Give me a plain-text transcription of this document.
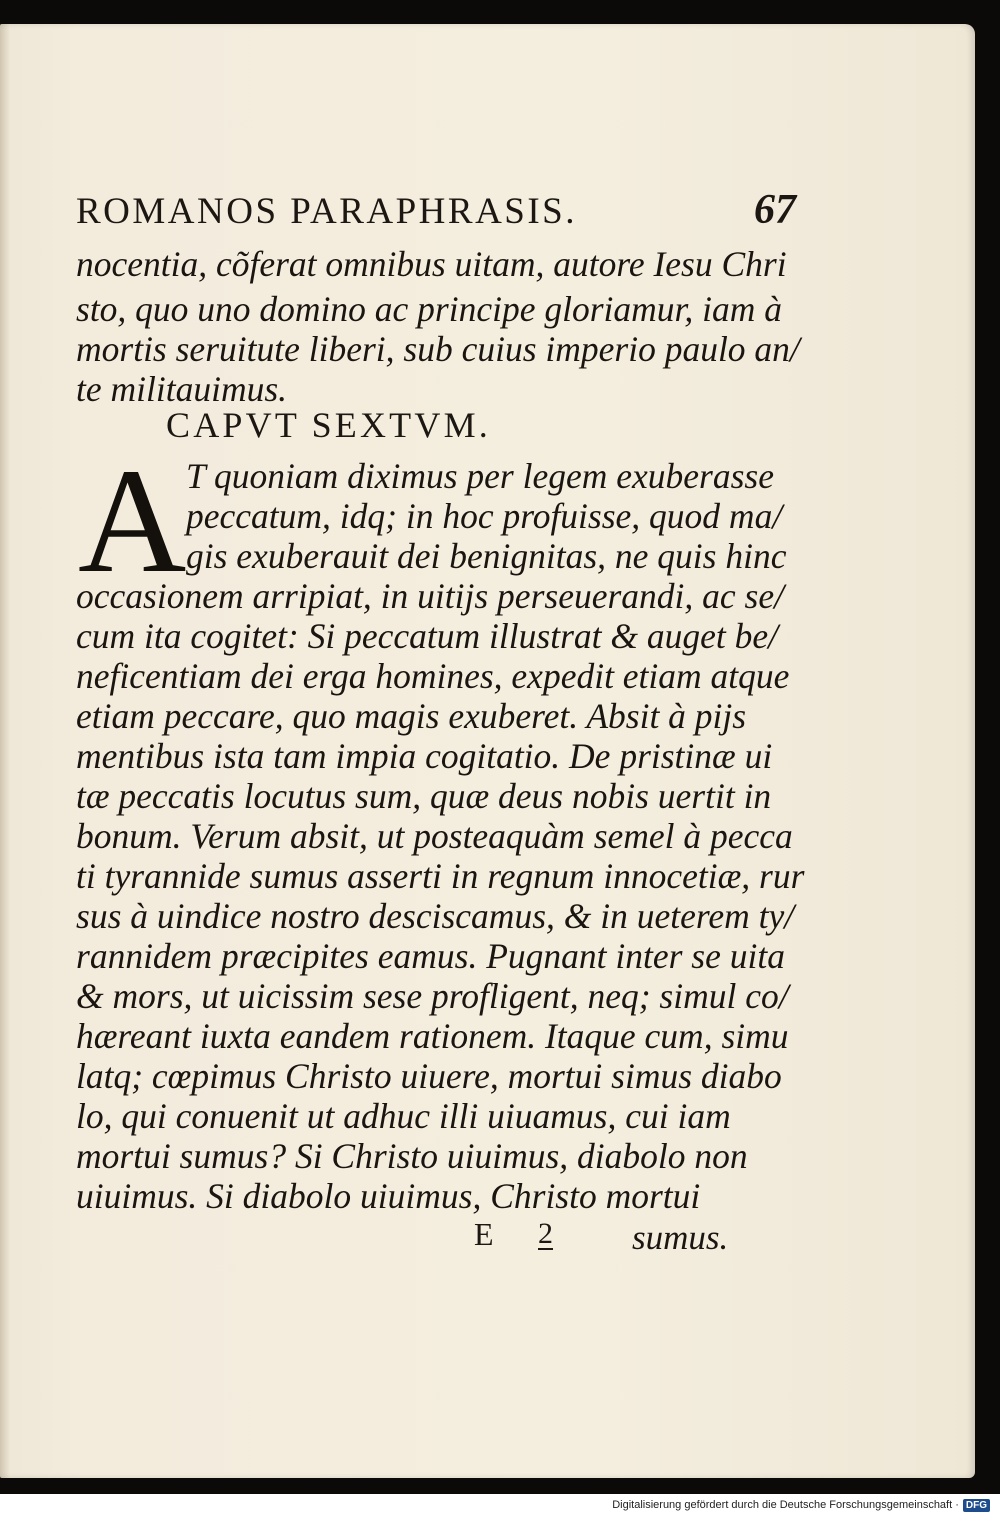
ROMANOS PARAPHRASIS.	67
nocentia, cõferat omnibus uitam, autore Iesu Chri
sto, quo uno domino ac principe gloriamur, iam à
mortis seruitute liberi, sub cuius imperio paulo an/
te militauimus.
CAPVT SEXTVM.
A T quoniam diximus per legem exuberasse
peccatum, idq; in hoc profuisse, quod ma/
gis exuberauit dei benignitas, ne quis hinc
occasionem arripiat, in uitijs perseuerandi, ac se/
cum ita cogitet: Si peccatum illustrat & auget be/
neficentiam dei erga homines, expedit etiam atque
etiam peccare, quo magis exuberet. Absit à pijs
mentibus ista tam impia cogitatio. De pristinæ ui
tæ peccatis locutus sum, quæ deus nobis uertit in
bonum. Verum absit, ut posteaquàm semel à pecca
ti tyrannide sumus asserti in regnum innocetiæ, rur
sus à uindice nostro desciscamus, & in ueterem ty/
rannidem præcipites eamus. Pugnant inter se uita
& mors, ut uicissim sese profligent, neq; simul co/
hæreant iuxta eandem rationem. Itaque cum, simu
latq; cœpimus Christo uiuere, mortui simus diabo
lo, qui conuenit ut adhuc illi uiuamus, cui iam
mortui sumus? Si Christo uiuimus, diabolo non
uiuimus. Si diabolo uiuimus, Christo mortui
E 2 sumus.
Digitalisierung gefördert durch die Deutsche Forschungsgemeinschaft · DFG
